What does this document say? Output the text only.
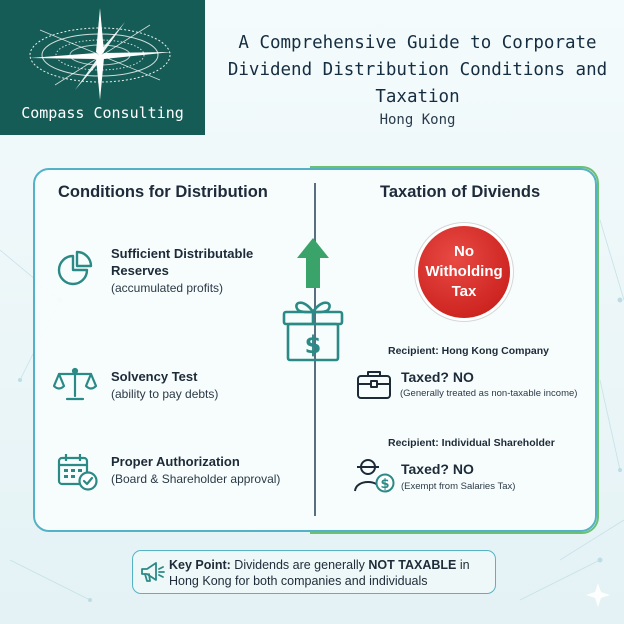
Compass Consulting
A Comprehensive Guide to Corporate Dividend Distribution Conditions and Taxation
Hong Kong
Conditions for Distribution	Taxation of Diviends
Sufficient Distributable
Reserves
(accumulated profits)
Solvency Test
(ability to pay debts)
Proper Authorization
(Board & Shareholder approval)
$
No
Witholding
Tax
Recipient: Hong Kong Company
Taxed? NO
(Generally treated as non-taxable income)
Recipient: Individual Shareholder
$
Taxed? NO
(Exempt from Salaries Tax)
Key Point: Dividends are generally NOT TAXABLE in Hong Kong for both companies and individuals
